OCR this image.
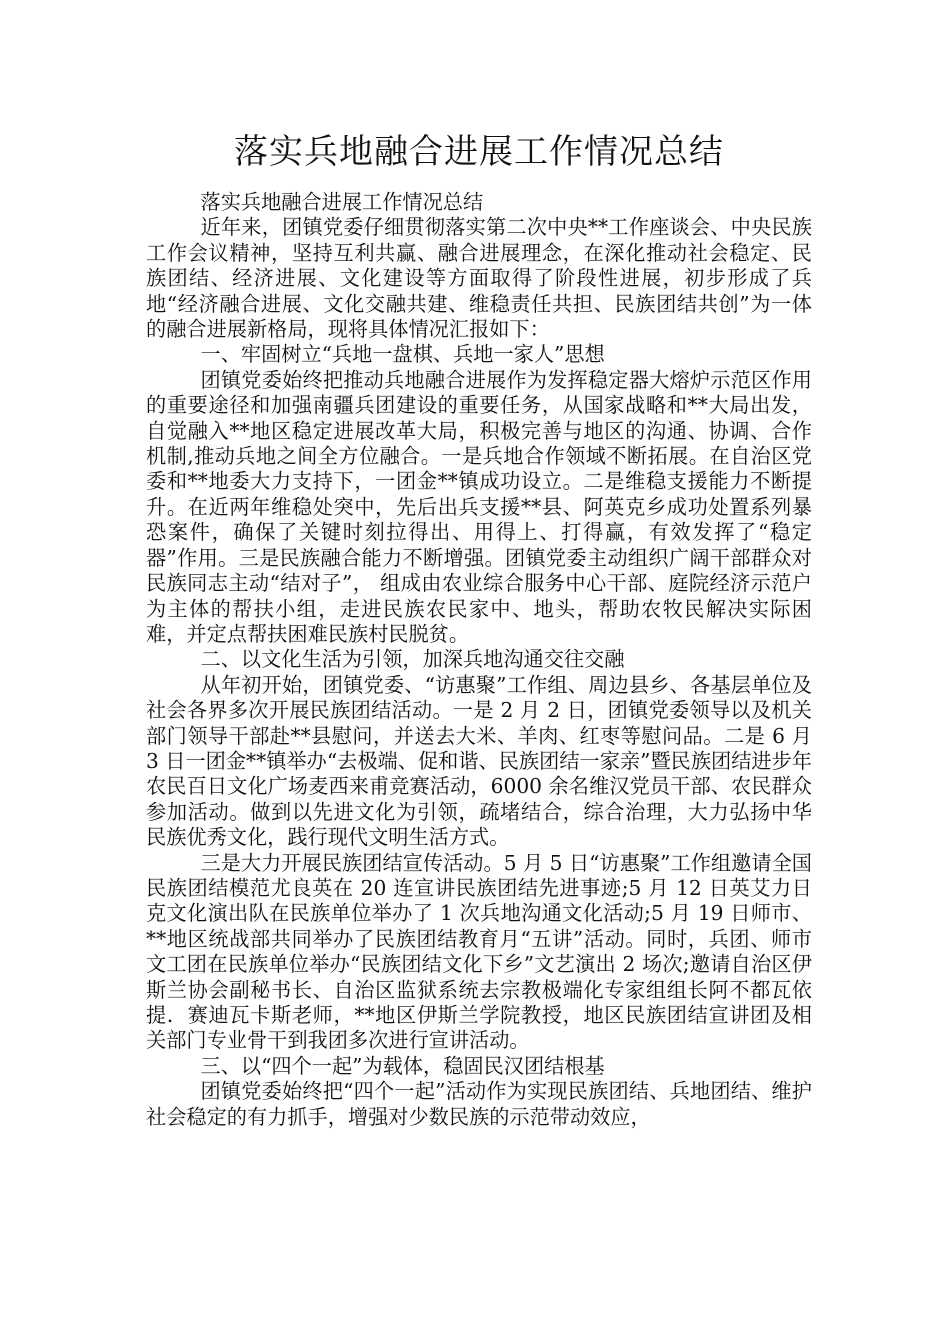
落实兵地融合进展工作情况总结

落实兵地融合进展工作情况总结

近年来，团镇党委仔细贯彻落实第二次中央**工作座谈会、中央民族工作会议精神，坚持互利共赢、融合进展理念，在深化推动社会稳定、民族团结、经济进展、文化建设等方面取得了阶段性进展，初步形成了兵地“经济融合进展、文化交融共建、维稳责任共担、民族团结共创”为一体的融合进展新格局，现将具体情况汇报如下：

一、牢固树立“兵地一盘棋、兵地一家人”思想

团镇党委始终把推动兵地融合进展作为发挥稳定器大熔炉示范区作用的重要途径和加强南疆兵团建设的重要任务，从国家战略和**大局出发，自觉融入**地区稳定进展改革大局，积极完善与地区的沟通、协调、合作机制,推动兵地之间全方位融合。一是兵地合作领域不断拓展。在自治区党委和**地委大力支持下，一团金**镇成功设立。二是维稳支援能力不断提升。在近两年维稳处突中，先后出兵支援**县、阿英克乡成功处置系列暴恐案件，确保了关键时刻拉得出、用得上、打得赢，有效发挥了“稳定器”作用。三是民族融合能力不断增强。团镇党委主动组织广阔干部群众对民族同志主动“结对子”， 组成由农业综合服务中心干部、庭院经济示范户为主体的帮扶小组，走进民族农民家中、地头，帮助农牧民解决实际困难，并定点帮扶困难民族村民脱贫。

二、以文化生活为引领，加深兵地沟通交往交融

从年初开始，团镇党委、“访惠聚”工作组、周边县乡、各基层单位及社会各界多次开展民族团结活动。一是 2 月 2 日，团镇党委领导以及机关部门领导干部赴**县慰问，并送去大米、羊肉、红枣等慰问品。二是 6 月 3 日一团金**镇举办“去极端、促和谐、民族团结一家亲”暨民族团结进步年农民百日文化广场麦西来甫竞赛活动，6000 余名维汉党员干部、农民群众参加活动。做到以先进文化为引领，疏堵结合，综合治理，大力弘扬中华民族优秀文化，践行现代文明生活方式。

三是大力开展民族团结宣传活动。5 月 5 日“访惠聚”工作组邀请全国民族团结模范尤良英在 20 连宣讲民族团结先进事迹;5 月 12 日英艾力日克文化演出队在民族单位举办了 1 次兵地沟通文化活动;5 月 19 日师市、**地区统战部共同举办了民族团结教育月“五讲”活动。同时，兵团、师市文工团在民族单位举办“民族团结文化下乡”文艺演出 2 场次;邀请自治区伊斯兰协会副秘书长、自治区监狱系统去宗教极端化专家组组长阿不都瓦依提．赛迪瓦卡斯老师，**地区伊斯兰学院教授，地区民族团结宣讲团及相关部门专业骨干到我团多次进行宣讲活动。

三、以“四个一起”为载体，稳固民汉团结根基

团镇党委始终把“四个一起”活动作为实现民族团结、兵地团结、维护社会稳定的有力抓手，增强对少数民族的示范带动效应，
